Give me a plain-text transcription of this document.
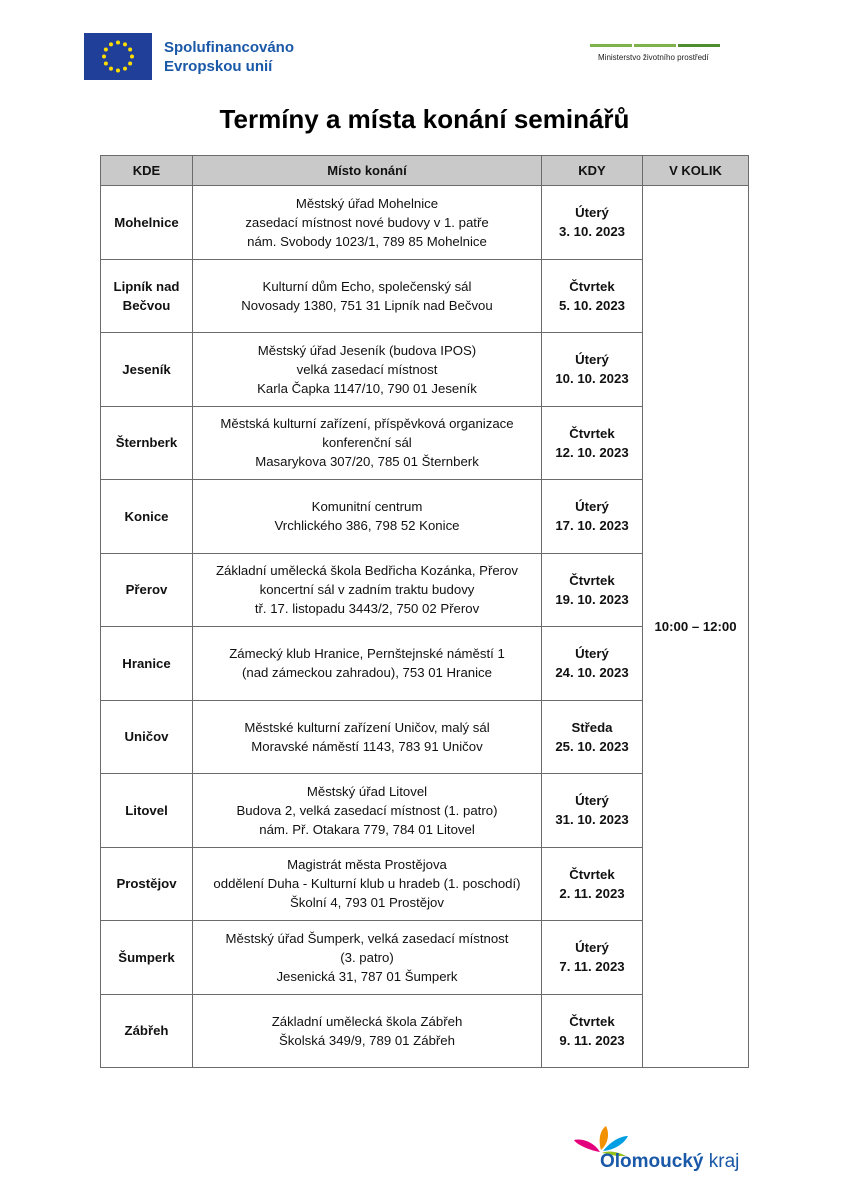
Spolufinancováno
Evropskou unií	Ministerstvo životního prostředí
Termíny a místa konání seminářů
KDE	Místo konání	KDY	V KOLIK

Mohelnice	Městský úřad Mohelnice
zasedací místnost nové budovy v 1. patře
nám. Svobody 1023/1, 789 85 Mohelnice	Úterý
3. 10. 2023	10:00 – 12:00

Lipník nad
Bečvou	Kulturní dům Echo, společenský sál
Novosady 1380, 751 31 Lipník nad Bečvou	Čtvrtek
5. 10. 2023	

Jeseník	Městský úřad Jeseník (budova IPOS)
velká zasedací místnost
Karla Čapka 1147/10, 790 01 Jeseník	Úterý
10. 10. 2023	

Šternberk	Městská kulturní zařízení, příspěvková organizace
konferenční sál
Masarykova 307/20, 785 01 Šternberk	Čtvrtek
12. 10. 2023	

Konice	Komunitní centrum
Vrchlického 386, 798 52 Konice	Úterý
17. 10. 2023	

Přerov	Základní umělecká škola Bedřicha Kozánka, Přerov
koncertní sál v zadním traktu budovy
tř. 17. listopadu 3443/2, 750 02 Přerov	Čtvrtek
19. 10. 2023	

Hranice	Zámecký klub Hranice, Pernštejnské náměstí 1
(nad zámeckou zahradou), 753 01 Hranice	Úterý
24. 10. 2023	

Uničov	Městské kulturní zařízení Uničov, malý sál
Moravské náměstí 1143, 783 91 Uničov	Středa
25. 10. 2023	

Litovel	Městský úřad Litovel
Budova 2, velká zasedací místnost (1. patro)
nám. Př. Otakara 779, 784 01 Litovel	Úterý
31. 10. 2023	

Prostějov	Magistrát města Prostějova
oddělení Duha - Kulturní klub u hradeb (1. poschodí)
Školní 4, 793 01 Prostějov	Čtvrtek
2. 11. 2023	

Šumperk	Městský úřad Šumperk, velká zasedací místnost
(3. patro)
Jesenická 31, 787 01 Šumperk	Úterý
7. 11. 2023	

Zábřeh	Základní umělecká škola Zábřeh
Školská 349/9, 789 01 Zábřeh	Čtvrtek
9. 11. 2023	
Olomoucký kraj
